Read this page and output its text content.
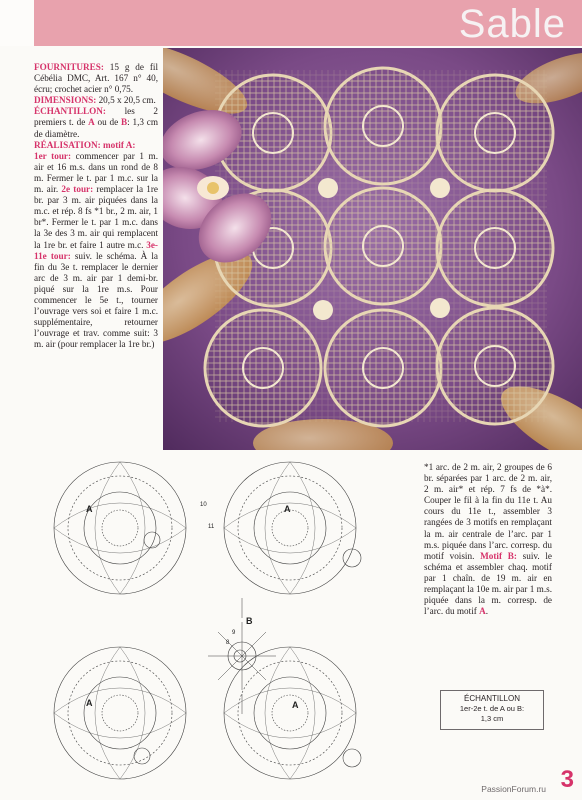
Sable
FOURNITURES: 15 g de fil Cébélia DMC, Art. 167 n° 40, écru; crochet acier n° 0,75.
DIMENSIONS: 20,5 x 20,5 cm.
ÉCHANTILLON: les 2 premiers t. de A ou de B: 1,3 cm de diamètre.
RÉALISATION: motif A:
1er tour: commencer par 1 m. air et 16 m.s. dans un rond de 8 m. Fermer le t. par 1 m.c. sur la m. air. 2e tour: remplacer la 1re br. par 3 m. air piquées dans la m.c. et rép. 8 fs *1 br., 2 m. air, 1 br*. Fermer le t. par 1 m.c. dans la 3e des 3 m. air qui remplacent la 1re br. et faire 1 autre m.c. 3e-11e tour: suiv. le schéma. À la fin du 3e t. remplacer le dernier arc de 3 m. air par 1 demi-br. piqué sur la 1re m.s. Pour commencer le 5e t., tourner l’ouvrage vers soi et faire 1 m.c. supplémentaire, retourner l’ouvrage et trav. comme suit: 3 m. air (pour remplacer la 1re br.)
A	A
A	A
B
10
9
8
11
*1 arc. de 2 m. air, 2 groupes de 6 br. séparées par 1 arc. de 2 m. air, 2 m. air* et rép. 7 fs de *à*. Couper le fil à la fin du 11e t. Au cours du 11e t., assembler 3 rangées de 3 motifs en remplaçant la m. air centrale de l’arc. par 1 m.s. piquée dans l’arc. corresp. du motif voisin. Motif B: suiv. le schéma et assembler chaq. motif par 1 chaîn. de 19 m. air en remplaçant la 10e m. air par 1 m.s. piquée dans la m. corresp. de l’arc. du motif A.
ÉCHANTILLON
1er-2e t. de A ou B:
1,3 cm
PassionForum.ru 3
